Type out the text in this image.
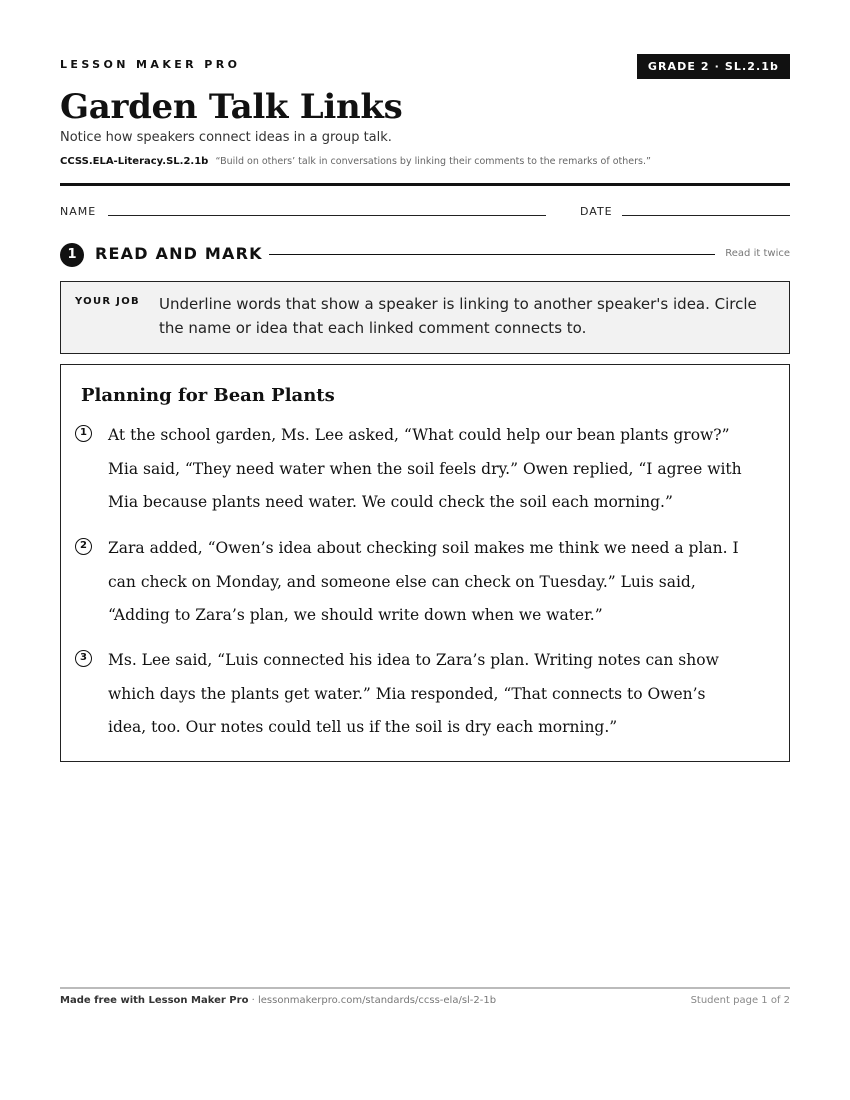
LESSON MAKER PRO	GRADE 2 · SL.2.1b
Garden Talk Links
Notice how speakers connect ideas in a group talk.
CCSS.ELA-Literacy.SL.2.1b “Build on others’ talk in conversations by linking their comments to the remarks of others.”
NAME	DATE
1	READ AND MARK	Read it twice
YOUR JOB Underline words that show a speaker is linking to another speaker's idea. Circle the name or idea that each linked comment connects to.

Planning for Bean Plants
1	At the school garden, Ms. Lee asked, “What could help our bean plants grow?” Mia said, “They need water when the soil feels dry.” Owen replied, “I agree with Mia because plants need water. We could check the soil each morning.”

2	Zara added, “Owen’s idea about checking soil makes me think we need a plan. I can check on Monday, and someone else can check on Tuesday.” Luis said, “Adding to Zara’s plan, we should write down when we water.”

3	Ms. Lee said, “Luis connected his idea to Zara’s plan. Writing notes can show which days the plants get water.” Mia responded, “That connects to Owen’s idea, too. Our notes could tell us if the soil is dry each morning.”

Made free with Lesson Maker Pro · lessonmakerpro.com/standards/ccss-ela/sl-2-1b	Student page 1 of 2
